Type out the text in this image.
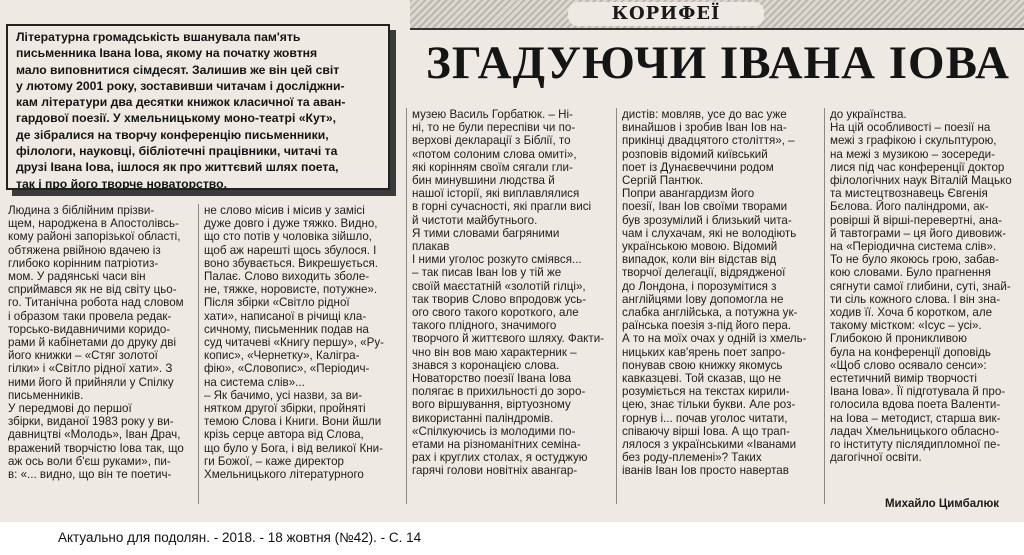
КОРИФЕЇ
ЗГАДУЮЧИ ІВАНА ІОВА
Літературна громадськість вшанувала пам'ять
письменника Івана Іова, якому на початку жовтня
мало виповнитися сімдесят. Залишив же він цей світ
у лютому 2001 року, зоставивши читачам і досліджни-
кам літератури два десятки книжок класичної та аван-
гардової поезії. У хмельницькому моно-театрі «Кут»,
де зібралися на творчу конференцію письменники,
філологи, науковці, бібліотечні працівники, читачі та
друзі Івана Іова, ішлося як про життєвий шлях поета,
так і про його творче новаторство.
Людина з біблійним прізви-
щем, народжена в Апостолівсь-
кому районі запорізької області,
обтяжена рвійною вдачею із
глибоко корінним патріотиз-
мом. У радянські часи він
сприймався як не від світу цьо-
го. Титанічна робота над словом
і образом таки провела редак-
торсько-видавничими коридо-
рами й кабінетами до друку дві
його книжки – «Стяг золотої
гілки» і «Світло рідної хати». З
ними його й прийняли у Спілку
письменників.
У передмові до першої
збірки, виданої 1983 року у ви-
давництві «Молодь», Іван Драч,
вражений творчістю Іова так, що
аж ось воли б'єш руками», пи-
в: «... видно, що він те поетич-
не слово місив і місив у замісі
дуже довго і дуже тяжко. Видно,
що сто потів у чоловіка зійшло,
щоб аж нарешті щось збулося. І
воно збувається. Викрешується.
Палає. Слово виходить зболе-
не, тяжке, норовисте, потужне».
Після збірки «Світло рідної
хати», написаної в річищі кла-
сичному, письменник подав на
суд читачеві «Книгу першу», «Ру-
копис», «Чернетку», Калігра-
фію», «Словопис», «Періодич-
на система слів»...
– Як бачимо, усі назви, за ви-
нятком другої збірки, пройняті
темою Слова і Книги. Вони йшли
крізь серце автора від Слова,
що було у Бога, і від великої Кни-
ги Божої, – каже директор
Хмельницького літературного
музею Василь Горбатюк. – Ні-
ні, то не були переспіви чи по-
верхові декларації з Біблії, то
«потом солоним слова омиті»,
які корінням своїм сягали гли-
бин минувшини людства й
нашої історії, які виплавлялися
в горні сучасності, які прагли висі
й чистоти майбутнього.
Я тими словами багряними
плакав
І ними уголос розкуто сміявся...
– так писав Іван Іов у тій же
своїй маєстатній «золотій гілці»,
так творив Слово впродовж усь-
ого свого такого короткого, але
такого плідного, значимого
творчого й життєвого шляху. Факти-
чно він вов маю характерник –
знався з коронацією слова.
Новаторство поезії Івана Іова
полягає в прихильності до зоро-
вого віршування, віртуозному
використанні паліндромів.
«Спілкуючись із молодими по-
етами на різноманітних семіна-
рах і круглих столах, я остуджую
гарячі голови новітніх авангар-
дистів: мовляв, усе до вас уже
винайшов і зробив Іван Іов на-
прикінці двадцятого століття», –
розповів відомий київський
поет із Дунаєвеччини родом
Сергій Пантюк.
Попри авангардизм його
поезії, Іван Іов своїми творами
був зрозумілий і близький чита-
чам і слухачам, які не володіють
українською мовою. Відомий
випадок, коли він відстав від
творчої делегації, відрядженої
до Лондона, і порозумітися з
англійцями Іову допомогла не
слабка англійська, а потужна ук-
раїнська поезія з-під його пера.
А то на моїх очах у одній із хмель-
ницьких кав'ярень поет запро-
понував свою книжку якомусь
кавказцеві. Той сказав, що не
розуміється на текстах кирили-
цею, знає тільки букви. Але роз-
горнув і... почав уголос читати,
співаючу вірші Іова. А що трап-
лялося з українськими «Іванами
без роду-племені»? Таких
іванів Іван Іов просто навертав
до українства.
На цій особливості – поезії на
межі з графікою і скульптурою,
на межі з музикою – зосереди-
лися під час конференції доктор
філологічних наук Віталій Мацько
та мистецтвознавець Євгенія
Бєлова. Його паліндроми, ак-
ровірші й вірші-перевертні, ана-
й тавтограми – ця його дивовиж-
на «Періодична система слів».
То не було якоюсь грою, забав-
кою словами. Було прагнення
сягнути самої глибини, суті, знай-
ти сіль кожного слова. І він зна-
ходив її. Хоча б коротком, але
такому містком: «Ісус – усі».
Глибокою й проникливою
була на конференції доповідь
«Щоб слово осявало сенси»:
естетичний вимір творчості
Івана Іова». Її підготувала й про-
голосила вдова поета Валенти-
на Іова – методист, старша вик-
ладач Хмельницького обласно-
го інституту післядипломної пе-
дагогічної освіти.
Михайло Цимбалюк
Актуально для подолян. - 2018. - 18 жовтня (№42). - С. 14
